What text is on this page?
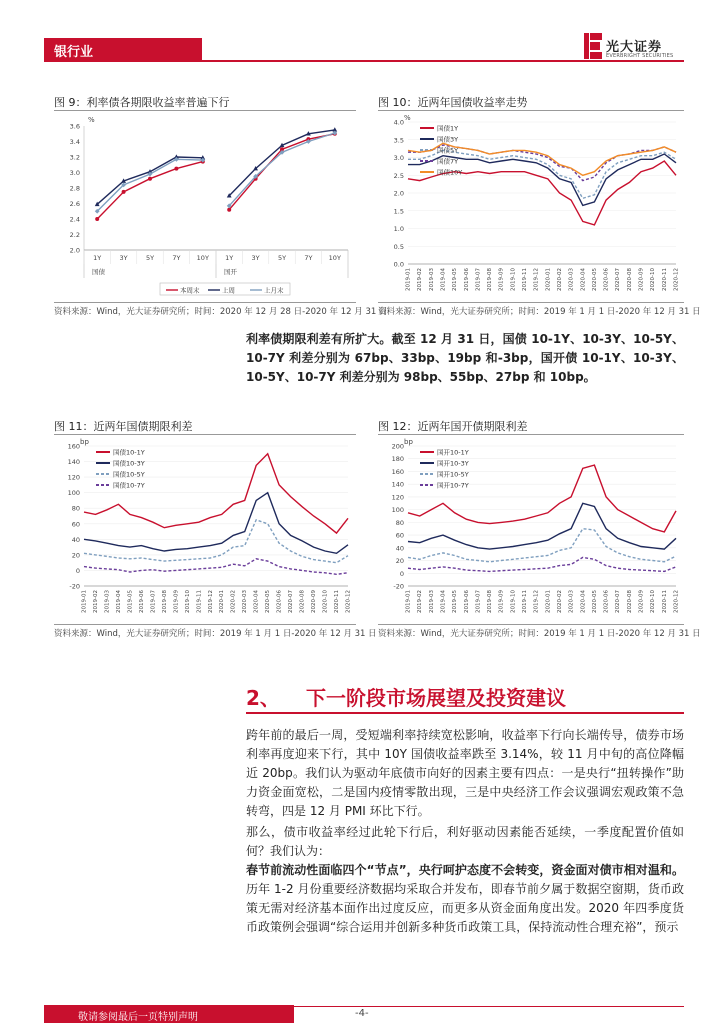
银行业	光大证券
EVERBRIGHT SECURITIES
图 9：利率债各期限收益率普遍下行
%
2.0
2.2
2.4
2.6
2.8
3.0
3.2
3.4
3.6
1Y	3Y	5Y	7Y 10Y
国债
1Y	3Y	5Y	7Y 10Y
国开
本周末	上周	上月末
资料来源：Wind，光大证券研究所；时间：2020 年 12 月 28 日-2020 年 12 月 31 日
图 10：近两年国债收益率走势
%
0.0
0.5
1.0
1.5
2.0
2.5
3.0
3.5
4.0
2019-01 2019-02 2019-03 2019-04 2019-05 2019-06 2019-07 2019-08 2019-09 2019-10 2019-11 2019-12 2020-01 2020-02 2020-03 2020-04 2020-05 2020-06 2020-07 2020-08 2020-09 2020-10 2020-11 2020-12
国债1Y
国债3Y
国债5Y
国债7Y
国债10Y
资料来源：Wind，光大证券研究所；时间：2019 年 1 月 1 日-2020 年 12 月 31 日
利率债期限利差有所扩大。截至 12 月 31 日，国债 10-1Y、10-3Y、10-5Y、10-7Y 利差分别为 67bp、33bp、19bp 和-3bp，国开债 10-1Y、10-3Y、10-5Y、10-7Y 利差分别为 98bp、55bp、27bp 和 10bp。
图 11：近两年国债期限利差
bp
-20
0
20
40
60
80
100
120
140
160
2019-01 2019-02 2019-03 2019-04 2019-05 2019-06 2019-07 2019-08 2019-09 2019-10 2019-11 2019-12 2020-01 2020-02 2020-03 2020-04 2020-05 2020-06 2020-07 2020-08 2020-09 2020-10 2020-11 2020-12
国债10-1Y
国债10-3Y
国债10-5Y
国债10-7Y
资料来源：Wind，光大证券研究所；时间：2019 年 1 月 1 日-2020 年 12 月 31 日
图 12：近两年国开债期限利差
bp
-20
0
20
40
60
80
100
120
140
160
180
200
2019-01 2019-02 2019-03 2019-04 2019-05 2019-06 2019-07 2019-08 2019-09 2019-10 2019-11 2019-12 2020-01 2020-02 2020-03 2020-04 2020-05 2020-06 2020-07 2020-08 2020-09 2020-10 2020-11 2020-12
国开10-1Y
国开10-3Y
国开10-5Y
国开10-7Y
资料来源：Wind，光大证券研究所；时间：2019 年 1 月 1 日-2020 年 12 月 31 日
2、 下一阶段市场展望及投资建议
跨年前的最后一周，受短端利率持续宽松影响，收益率下行向长端传导，债券市场利率再度迎来下行，其中 10Y 国债收益率跌至 3.14%，较 11 月中旬的高位降幅近 20bp。我们认为驱动年底债市向好的因素主要有四点：一是央行“扭转操作”助力资金面宽松，二是国内疫情零散出现，三是中央经济工作会议强调宏观政策不急转弯，四是 12 月 PMI 环比下行。
那么，债市收益率经过此轮下行后，利好驱动因素能否延续，一季度配置价值如何？我们认为：
春节前流动性面临四个“节点”，央行呵护态度不会转变，资金面对债市相对温和。历年 1-2 月份重要经济数据均采取合并发布，即春节前夕属于数据空窗期，货币政策无需对经济基本面作出过度反应，而更多从资金面角度出发。2020 年四季度货币政策例会强调“综合运用并创新多种货币政策工具，保持流动性合理充裕”，预示
敬请参阅最后一页特别声明	-4-
